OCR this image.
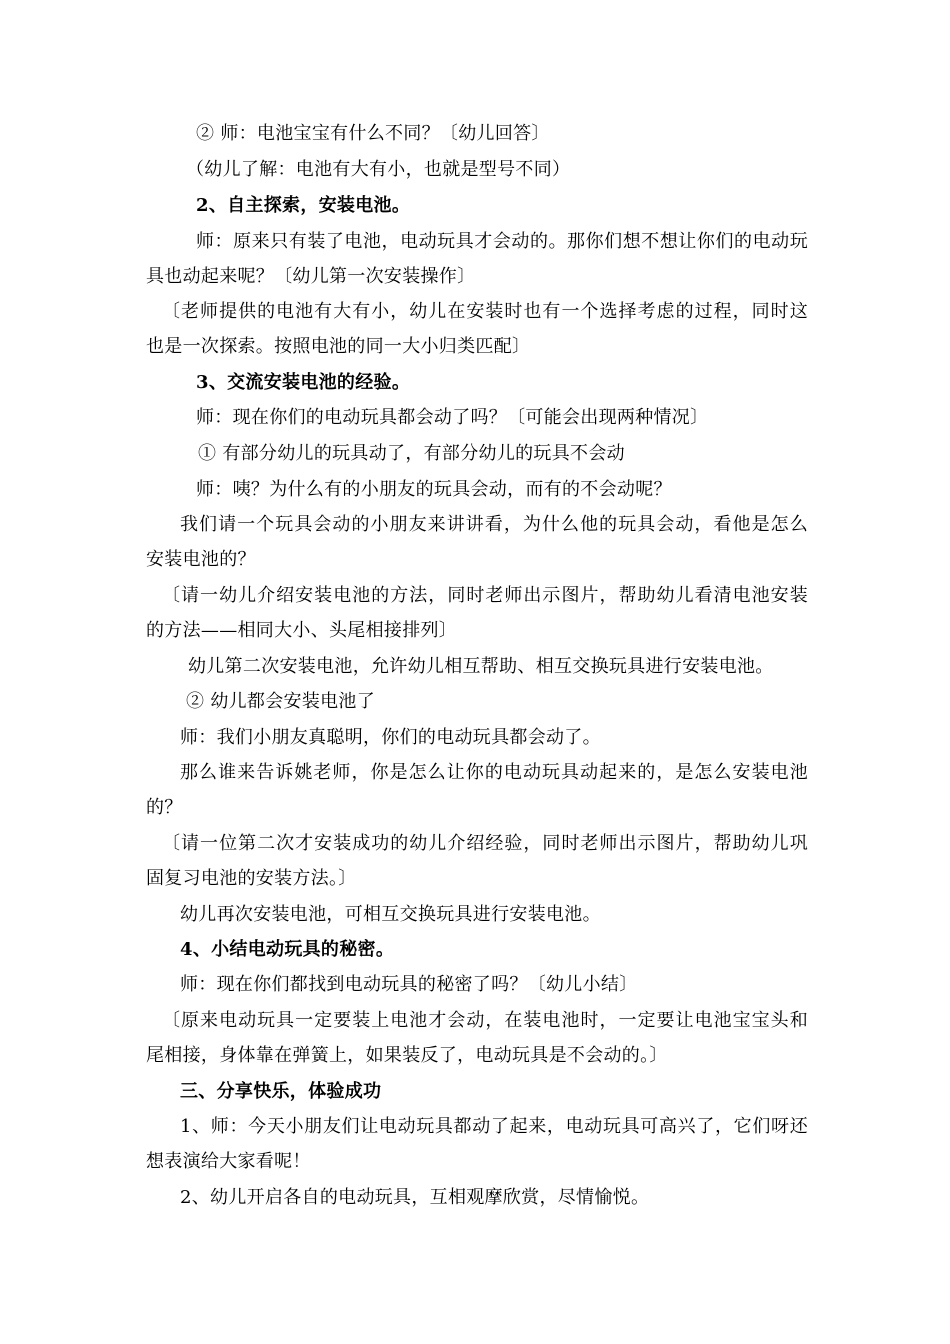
② 师：电池宝宝有什么不同？〔幼儿回答〕
（幼儿了解：电池有大有小，也就是型号不同）
2、自主探索，安装电池。
师：原来只有装了电池，电动玩具才会动的。那你们想不想让你们的电动玩
具也动起来呢？〔幼儿第一次安装操作〕
〔老师提供的电池有大有小，幼儿在安装时也有一个选择考虑的过程，同时这
也是一次探索。按照电池的同一大小归类匹配〕
3、交流安装电池的经验。
师：现在你们的电动玩具都会动了吗？〔可能会出现两种情况〕
① 有部分幼儿的玩具动了，有部分幼儿的玩具不会动
师：咦？为什么有的小朋友的玩具会动，而有的不会动呢？
我们请一个玩具会动的小朋友来讲讲看，为什么他的玩具会动，看他是怎么
安装电池的？
〔请一幼儿介绍安装电池的方法，同时老师出示图片，帮助幼儿看清电池安装
的方法——相同大小、头尾相接排列〕
幼儿第二次安装电池，允许幼儿相互帮助、相互交换玩具进行安装电池。
② 幼儿都会安装电池了
师：我们小朋友真聪明，你们的电动玩具都会动了。
那么谁来告诉姚老师，你是怎么让你的电动玩具动起来的，是怎么安装电池
的？
〔请一位第二次才安装成功的幼儿介绍经验，同时老师出示图片，帮助幼儿巩
固复习电池的安装方法。〕
幼儿再次安装电池，可相互交换玩具进行安装电池。
4、小结电动玩具的秘密。
师：现在你们都找到电动玩具的秘密了吗？〔幼儿小结〕
〔原来电动玩具一定要装上电池才会动，在装电池时，一定要让电池宝宝头和
尾相接，身体靠在弹簧上，如果装反了，电动玩具是不会动的。〕
三、分享快乐，体验成功
1、师：今天小朋友们让电动玩具都动了起来，电动玩具可高兴了，它们呀还
想表演给大家看呢！
2、幼儿开启各自的电动玩具，互相观摩欣赏，尽情愉悦。
